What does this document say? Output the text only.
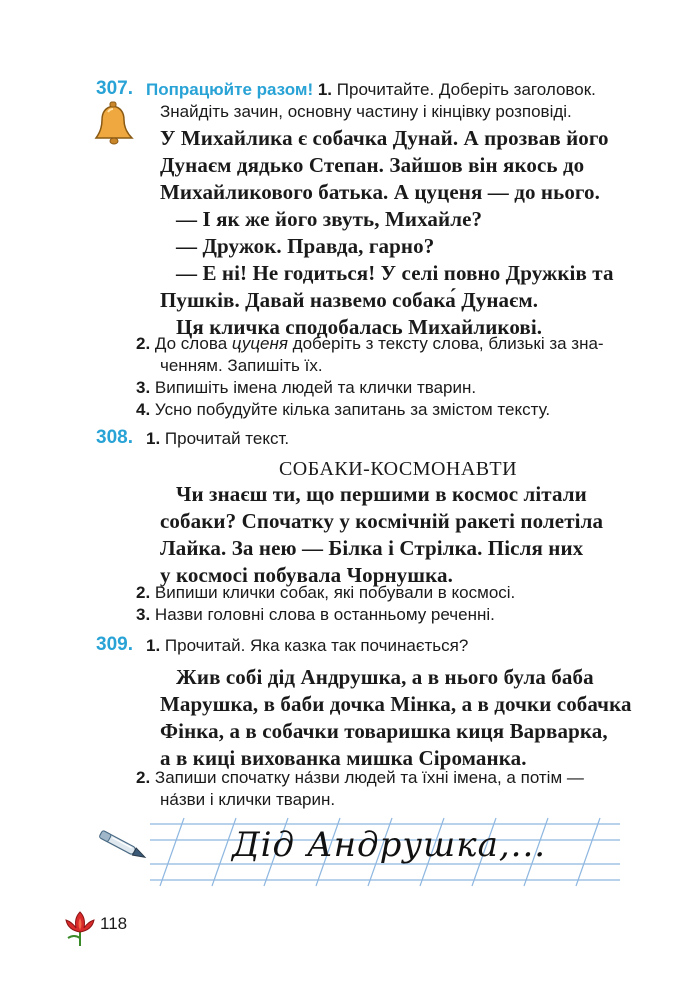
307. Попрацюйте разом! 1. Прочитайте. Доберіть заголовок.
Знайдіть зачин, основну частину і кінцівку розповіді.
У Михайлика є собачка Дунай. А прозвав його
Дунаєм дядько Степан. Зайшов він якось до
Михайликового батька. А цуценя — до нього.
— І як же його звуть, Михайле?
— Дружок. Правда, гарно?
— Е ні! Не годиться! У селі повно Дружків та
Пушків. Давай назвемо собака́ Дунаєм.
Ця кличка сподобалась Михайликові.
2. До слова цуценя доберіть з тексту слова, близькі за зна-
ченням. Запишіть їх.
3. Випишіть імена людей та клички тварин.
4. Усно побудуйте кілька запитань за змістом тексту.
308. 1. Прочитай текст.
СОБАКИ-КОСМОНАВТИ
Чи знаєш ти, що першими в космос літали
собаки? Спочатку у космічній ракеті полетіла
Лайка. За нею — Білка і Стрілка. Після них
у космосі побувала Чорнушка.
2. Випиши клички собак, які побували в космосі.
3. Назви головні слова в останньому реченні.
309. 1. Прочитай. Яка казка так починається?
Жив собі дід Андрушка, а в нього була баба
Марушка, в баби дочка Мінка, а в дочки собачка
Фінка, а в собачки товаришка киця Варварка,
а в киці вихованка мишка Сіроманка.
2. Запиши спочатку на́зви людей та їхні імена, а потім —
на́зви і клички тварин.
Дід Андрушка,...
118
